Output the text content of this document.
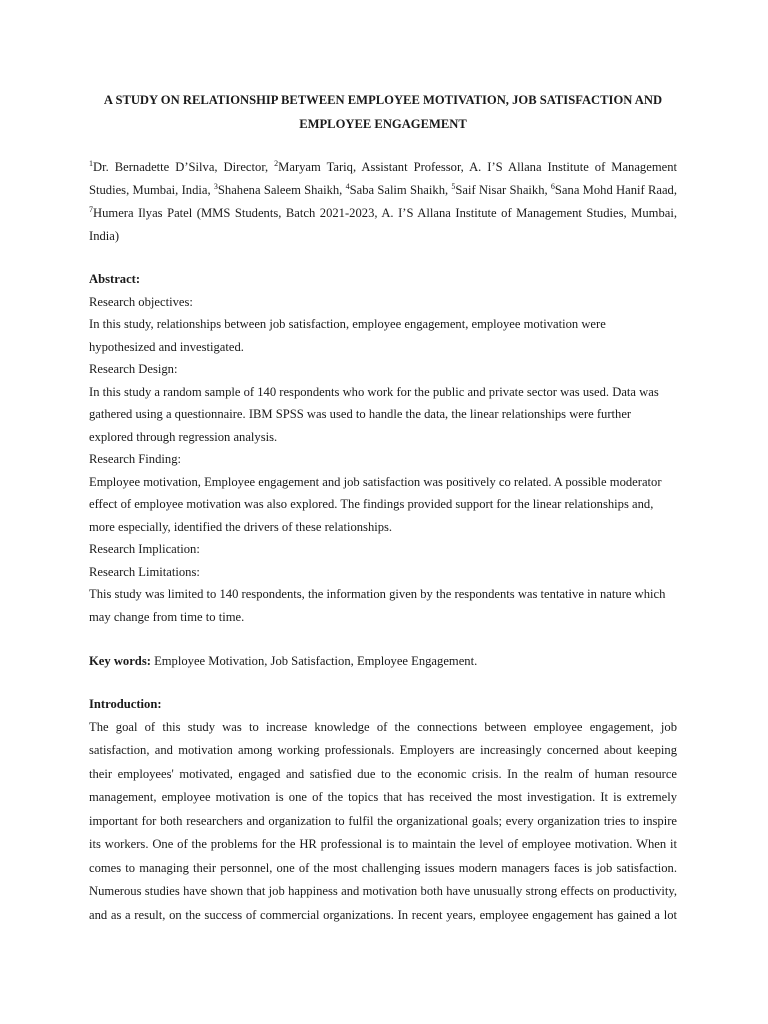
A STUDY ON RELATIONSHIP BETWEEN EMPLOYEE MOTIVATION, JOB SATISFACTION AND
EMPLOYEE ENGAGEMENT
$^1$Dr. Bernadette D’Silva, Director, $^2$Maryam Tariq, Assistant Professor, A. I’S Allana Institute of Management Studies, Mumbai, India, $^3$Shahena Saleem Shaikh, $^4$Saba Salim Shaikh, $^5$Saif Nisar Shaikh, $^6$Sana Mohd Hanif Raad, $^7$Humera Ilyas Patel (MMS Students, Batch 2021-2023, A. I’S Allana Institute of Management Studies, Mumbai, India)
Abstract:
Research objectives:
In this study, relationships between job satisfaction, employee engagement, employee motivation were
hypothesized and investigated.
Research Design:
In this study a random sample of 140 respondents who work for the public and private sector was used. Data was
gathered using a questionnaire. IBM SPSS was used to handle the data, the linear relationships were further
explored through regression analysis.
Research Finding:
Employee motivation, Employee engagement and job satisfaction was positively co related. A possible moderator
effect of employee motivation was also explored. The findings provided support for the linear relationships and,
more especially, identified the drivers of these relationships.
Research Implication:
Research Limitations:
This study was limited to 140 respondents, the information given by the respondents was tentative in nature which
may change from time to time.
Key words: Employee Motivation, Job Satisfaction, Employee Engagement.
Introduction:
The goal of this study was to increase knowledge of the connections between employee engagement, job
satisfaction, and motivation among working professionals. Employers are increasingly concerned about keeping
their employees' motivated, engaged and satisfied due to the economic crisis. In the realm of human resource
management, employee motivation is one of the topics that has received the most investigation. It is extremely
important for both researchers and organization to fulfil the organizational goals; every organization tries to inspire
its workers. One of the problems for the HR professional is to maintain the level of employee motivation. When it
comes to managing their personnel, one of the most challenging issues modern managers faces is job satisfaction.
Numerous studies have shown that job happiness and motivation both have unusually strong effects on productivity,
and as a result, on the success of commercial organizations. In recent years, employee engagement has gained a lot
